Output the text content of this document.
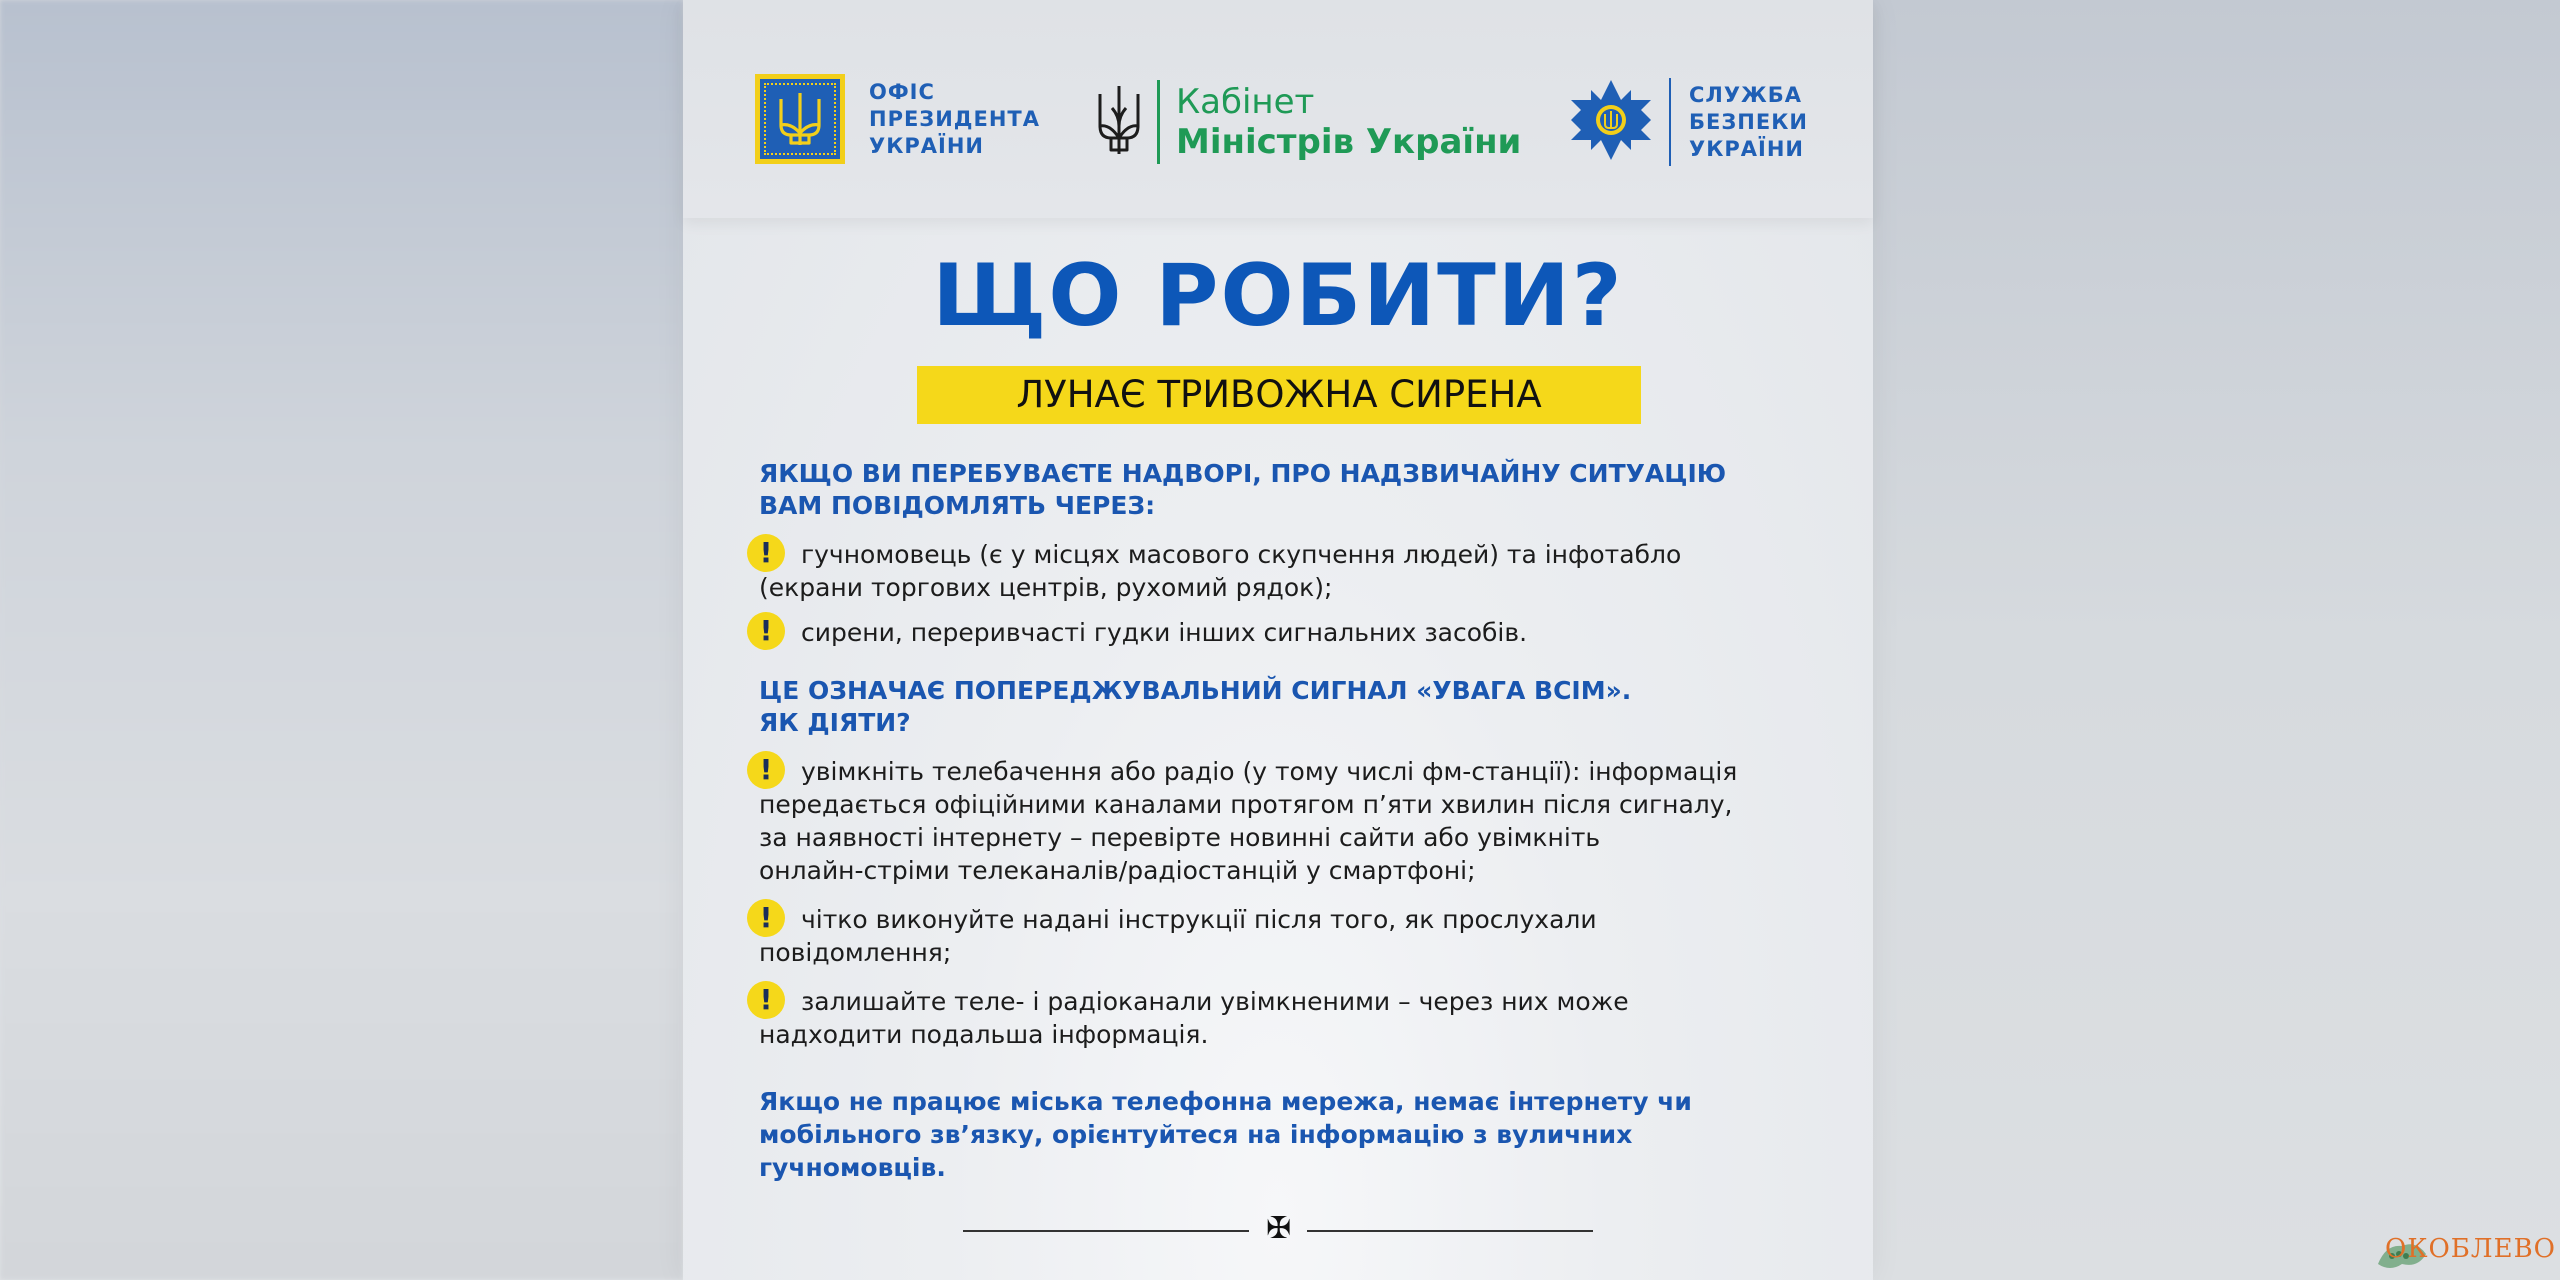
ОФІС
ПРЕЗИДЕНТА
УКРАЇНИ
Кабінет
Міністрів України
СЛУЖБА
БЕЗПЕКИ
УКРАЇНИ
ЩО РОБИТИ?
ЛУНАЄ ТРИВОЖНА СИРЕНА
ЯКЩО ВИ ПЕРЕБУВАЄТЕ НАДВОРІ, ПРО НАДЗВИЧАЙНУ СИТУАЦІЮ
ВАМ ПОВІДОМЛЯТЬ ЧЕРЕЗ:
!	гучномовець (є у місцях масового скупчення людей) та інфотабло
(екрани торгових центрів, рухомий рядок);
!	сирени, переривчасті гудки інших сигнальних засобів.
ЦЕ ОЗНАЧАЄ ПОПЕРЕДЖУВАЛЬНИЙ СИГНАЛ «УВАГА ВСІМ».
ЯК ДІЯТИ?
!	увімкніть телебачення або радіо (у тому числі фм-станції): інформація
передається офіційними каналами протягом п’яти хвилин після сигналу,
за наявності інтернету – перевірте новинні сайти або увімкніть
онлайн-стріми телеканалів/радіостанцій у смартфоні;
!	чітко виконуйте надані інструкції після того, як прослухали
повідомлення;
!	залишайте теле- і радіоканали увімкненими – через них може
надходити подальша інформація.
Якщо не працює міська телефонна мережа, немає інтернету чи
мобільного зв’язку, орієнтуйтеся на інформацію з вуличних гучномовців.
✠
ОКОБЛЕВО
